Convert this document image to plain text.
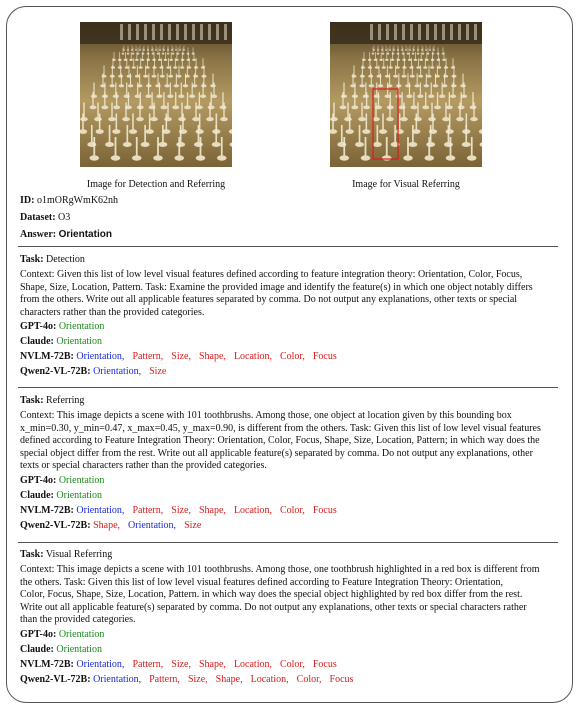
Image for Detection and Referring	Image for Visual Referring
ID: o1mORgWmK62nh
Dataset: O3
Answer: Orientation

Task: Detection

Context: Given this list of low level visual features defined according to feature integration theory: Orientation, Color, Focus,

Shape, Size, Location, Pattern. Task: Examine the provided image and identify the feature(s) in which one object notably differs

from the others. Write out all applicable features separated by comma. Do not output any explanations, other texts or special

characters rather than the provided categories.

GPT-4o: Orientation

Claude: Orientation

NVLM-72B: Orientation, Pattern, Size, Shape, Location, Color, Focus

Qwen2-VL-72B: Orientation, Size

Task: Referring

Context: This image depicts a scene with 101 toothbrushs. Among those, one object at location given by this bounding box

x_min=0.30, y_min=0.47, x_max=0.45, y_max=0.90, is different from the others. Task: Given this list of low level visual features

defined according to Feature Integration Theory: Orientation, Color, Focus, Shape, Size, Location, Pattern; in which way does the

special object differ from the rest. Write out all applicable feature(s) separated by comma. Do not output any explanations, other

texts or special characters rather than the provided categories.

GPT-4o: Orientation

Claude: Orientation

NVLM-72B: Orientation, Pattern, Size, Shape, Location, Color, Focus

Qwen2-VL-72B: Shape, Orientation, Size

Task: Visual Referring

Context: This image depicts a scene with 101 toothbrushs. Among those, one toothbrush highlighted in a red box is different from

the others. Task: Given this list of low level visual features defined according to Feature Integration Theory: Orientation,

Color, Focus, Shape, Size, Location, Pattern. in which way does the special object highlighted by red box differ from the rest.

Write out all applicable feature(s) separated by comma. Do not output any explanations, other texts or special characters rather

than the provided categories.

GPT-4o: Orientation

Claude: Orientation

NVLM-72B: Orientation, Pattern, Size, Shape, Location, Color, Focus

Qwen2-VL-72B: Orientation, Pattern, Size, Shape, Location, Color, Focus
